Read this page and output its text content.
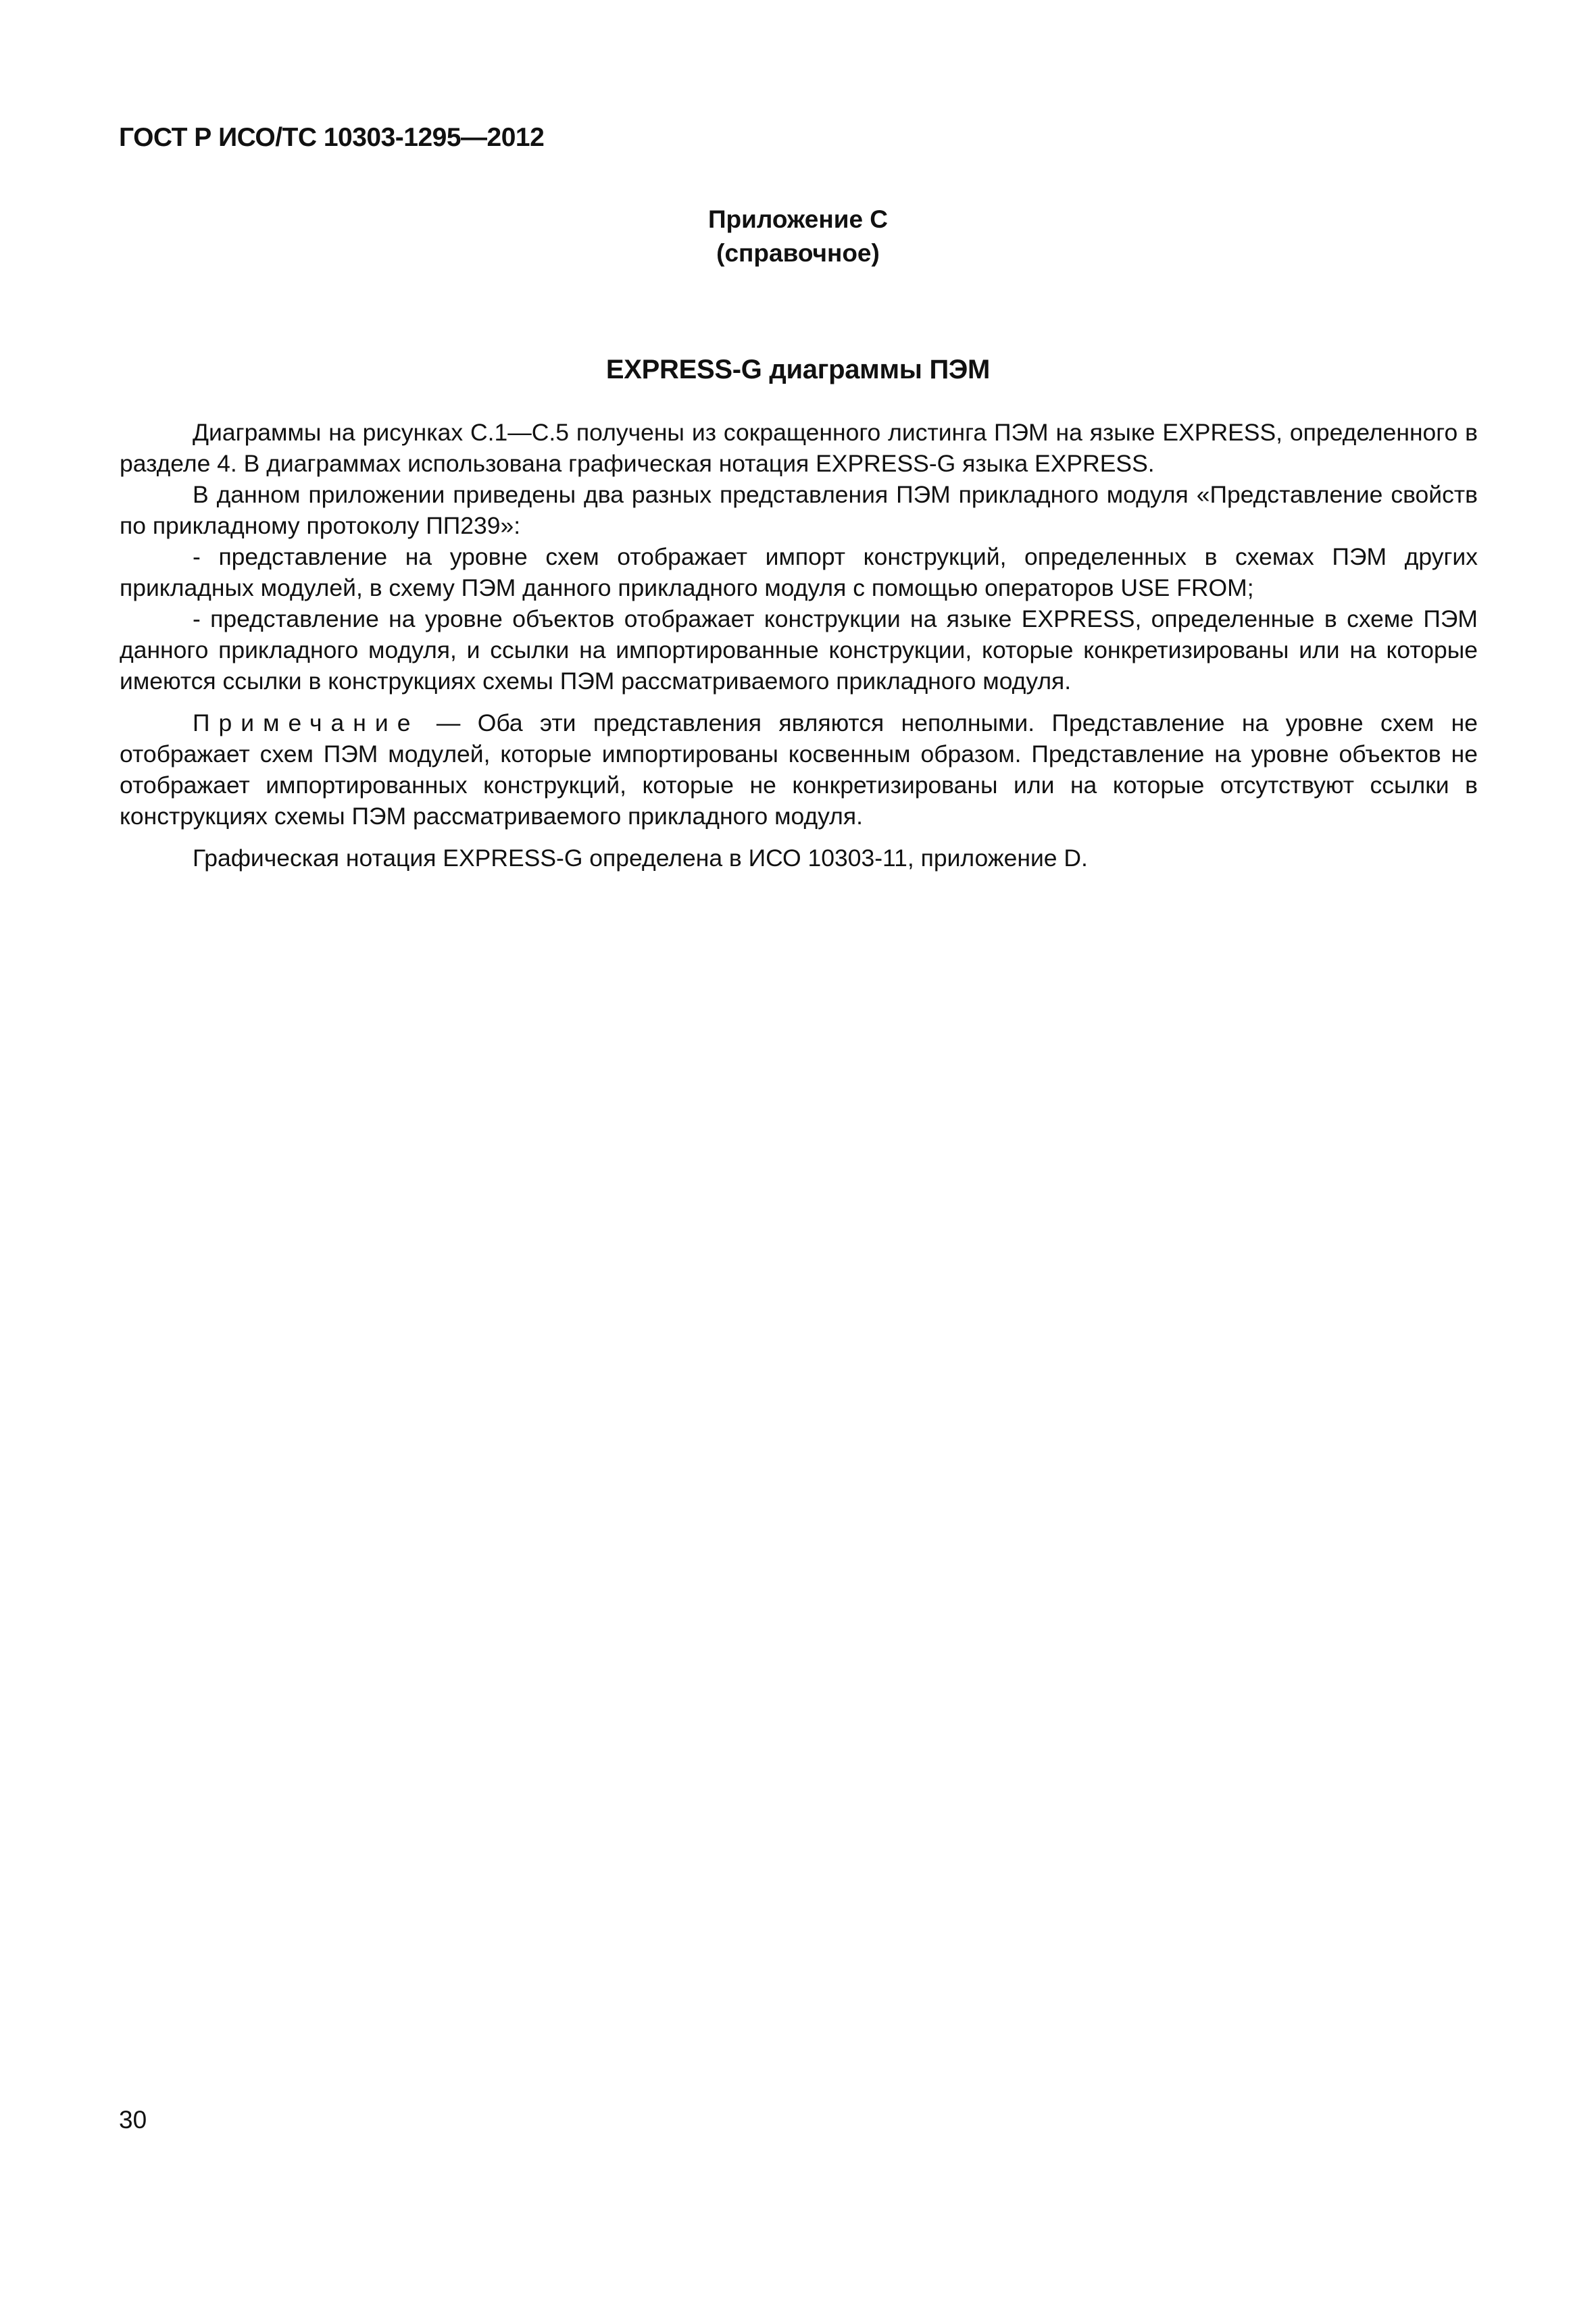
ГОСТ Р ИСО/ТС 10303-1295—2012
Приложение С
(справочное)
EXPRESS-G диаграммы ПЭМ

Диаграммы на рисунках С.1—С.5 получены из сокращенного листинга ПЭМ на языке EXPRESS, определенного в разделе 4. В диаграммах использована графическая нотация EXPRESS-G языка EXPRESS.

В данном приложении приведены два разных представления ПЭМ прикладного модуля «Представление свойств по прикладному протоколу ПП239»:

- представление на уровне схем отображает импорт конструкций, определенных в схемах ПЭМ других прикладных модулей, в схему ПЭМ данного прикладного модуля с помощью операторов USE FROM;

- представление на уровне объектов отображает конструкции на языке EXPRESS, определенные в схеме ПЭМ данного прикладного модуля, и ссылки на импортированные конструкции, которые конкретизированы или на которые имеются ссылки в конструкциях схемы ПЭМ рассматриваемого прикладного модуля.

Примечание — Оба эти представления являются неполными. Представление на уровне схем не отображает схем ПЭМ модулей, которые импортированы косвенным образом. Представление на уровне объектов не отображает импортированных конструкций, которые не конкретизированы или на которые отсутствуют ссылки в конструкциях схемы ПЭМ рассматриваемого прикладного модуля.

Графическая нотация EXPRESS-G определена в ИСО 10303-11, приложение D.

30
